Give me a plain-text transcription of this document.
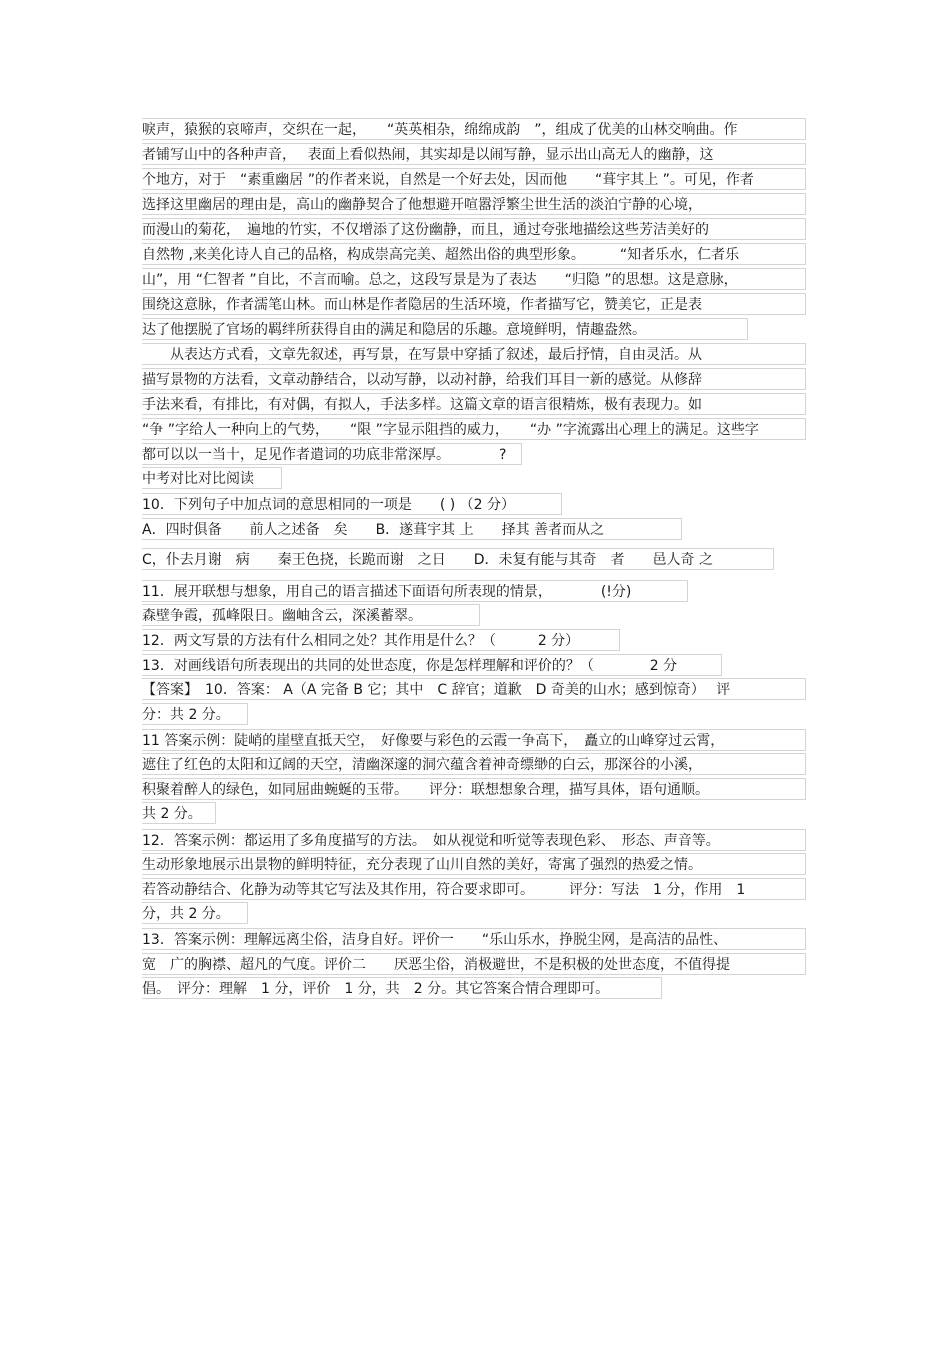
唳声，猿猴的哀啼声，交织在一起，　　“英英相杂，绵绵成韵　”，组成了优美的山林交响曲。作
者铺写山中的各种声音，　 表面上看似热闹，其实却是以闹写静，显示出山高无人的幽静，这
个地方，对于　“素重幽居 ”的作者来说，自然是一个好去处，因而他　　“葺宇其上 ”。可见，作者
选择这里幽居的理由是，高山的幽静契合了他想避开喧嚣浮繁尘世生活的淡泊宁静的心境，
而漫山的菊花，　遍地的竹实，不仅增添了这份幽静，而且，通过夸张地描绘这些芳洁美好的
自然物 ,来美化诗人自己的品格，构成崇高完美、超然出俗的典型形象。　　　“知者乐水，仁者乐
山”，用 “仁智者 ”自比，不言而喻。总之，这段写景是为了表达　　“归隐 ”的思想。这是意脉，
围绕这意脉，作者濡笔山林。而山林是作者隐居的生活环境，作者描写它，赞美它，正是表
达了他摆脱了官场的羁绊所获得自由的满足和隐居的乐趣。意境鲜明，情趣盎然。
　　从表达方式看，文章先叙述，再写景，在写景中穿插了叙述，最后抒情，自由灵活。从
描写景物的方法看，文章动静结合，以动写静，以动衬静，给我们耳目一新的感觉。从修辞
手法来看，有排比，有对偶，有拟人，手法多样。这篇文章的语言很精炼，极有表现力。如
“争 ”字给人一种向上的气势，　　“限 ”字显示阻挡的威力，　　“办 ”字流露出心理上的满足。这些字
都可以以一当十，足见作者遣词的功底非常深厚。　　　　?
中考对比对比阅读
10．下列句子中加点词的意思相同的一项是　　( ) （2 分）
A．四时俱备　　前人之述备　矣　　B．遂葺宇其 上　　择其 善者而从之
C，仆去月谢　病　　秦王色挠，长跪而谢　之日　　D．未复有能与其奇　者　　邑人奇 之
11．展开联想与想象，用自己的语言描述下面语句所表现的情景，　　　　(!分)
森壁争霞，孤峰限日。幽岫含云，深溪蓄翠。
12．两文写景的方法有什么相同之处？其作用是什么？（　　　2 分）
13．对画线语句所表现出的共同的处世态度，你是怎样理解和评价的？（　　　　2 分
【答案】　10．答案： A（A 完备 B 它；其中　C 辞官；道歉　D 奇美的山水；感到惊奇）　 评
分：共 2 分。
11 答案示例：陡峭的崖壁直抵天空，　好像要与彩色的云霞一争高下，　矗立的山峰穿过云霄，
遮住了红色的太阳和辽阔的天空，清幽深邃的洞穴蕴含着神奇缥缈的白云，那深谷的小溪，
积聚着醉人的绿色，如同屈曲蜿蜒的玉带。　　评分：联想想象合理，描写具体，语句通顺。
共 2 分。
12．答案示例：都运用了多角度描写的方法。　如从视觉和听觉等表现色彩、　形态、声音等。
生动形象地展示出景物的鲜明特征，充分表现了山川自然的美好，寄寓了强烈的热爱之情。
若答动静结合、化静为动等其它写法及其作用，符合要求即可。　　　评分：写法　1 分，作用　1
分，共 2 分。
13．答案示例：理解远离尘俗，洁身自好。评价一　　“乐山乐水，挣脱尘网，是高洁的品性、
宽　广的胸襟、超凡的气度。评价二　　厌恶尘俗，消极避世，不是积极的处世态度，不值得提
倡。　评分：理解　1 分，评价　1 分，共　2 分。其它答案合情合理即可。
